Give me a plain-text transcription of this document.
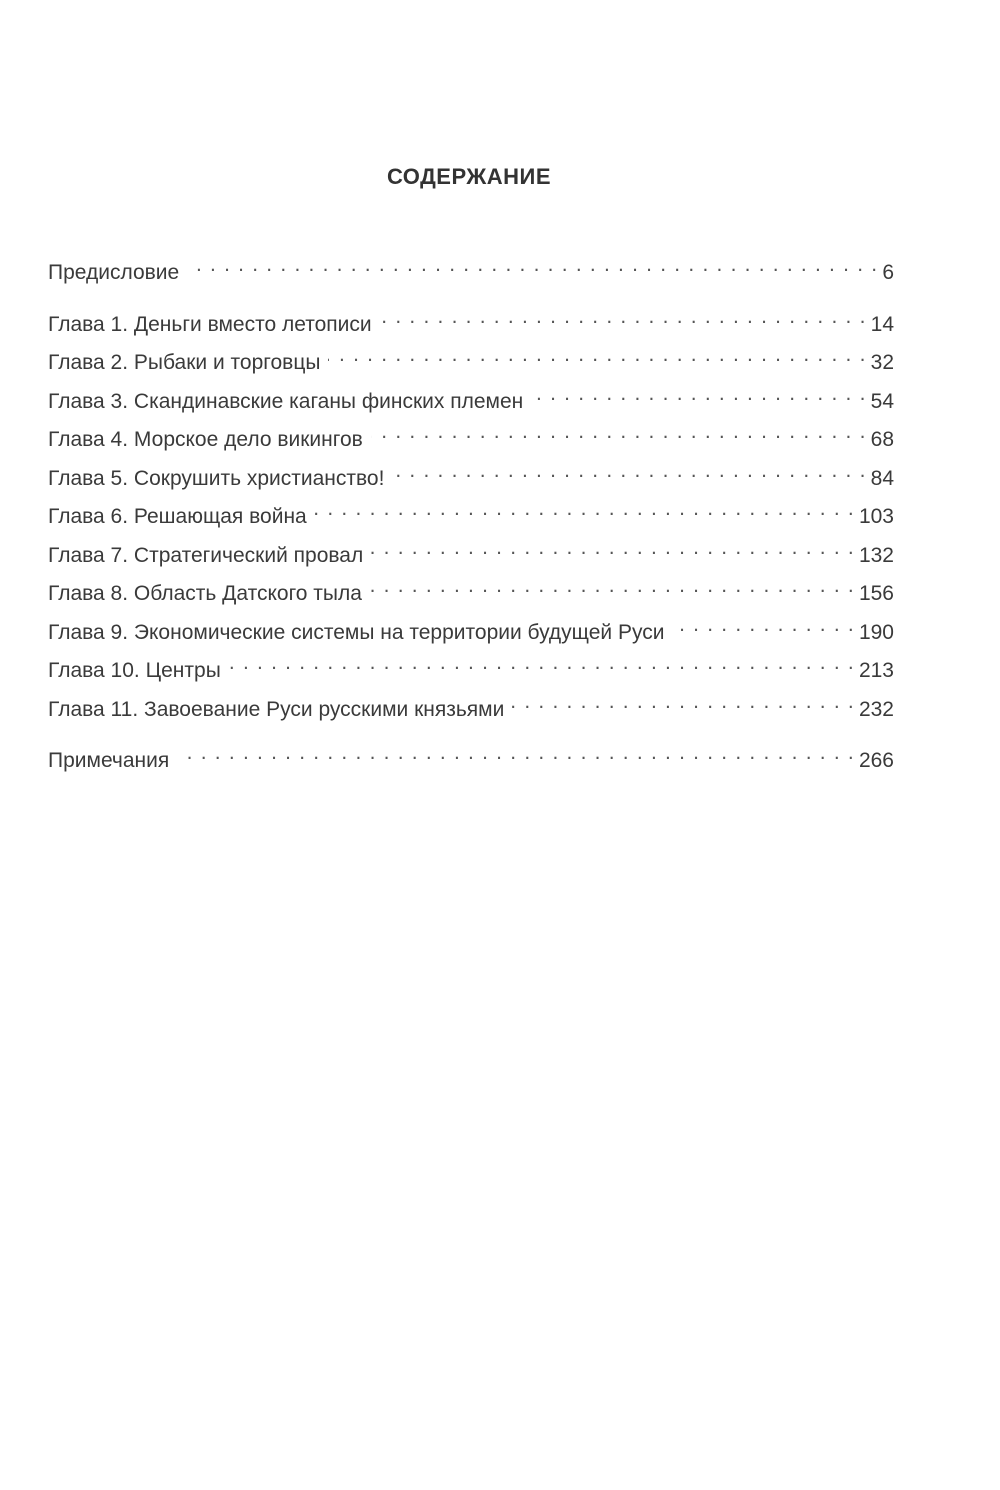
СОДЕРЖАНИЕ
Предисловие . . .	6
Глава 1. Деньги вместо летописи . . .	14
Глава 2. Рыбаки и торговцы . . .	32
Глава 3. Скандинавские каганы финских племен . . .	54
Глава 4. Морское дело викингов . . .	68
Глава 5. Сокрушить христианство! . . .	84
Глава 6. Решающая война . . .	103
Глава 7. Стратегический провал . . .	132
Глава 8. Область Датского тыла . . .	156
Глава 9. Экономические системы на территории будущей Руси . . .	190
Глава 10. Центры . . .	213
Глава 11. Завоевание Руси русскими князьями . . .	232
Примечания . . .	266
